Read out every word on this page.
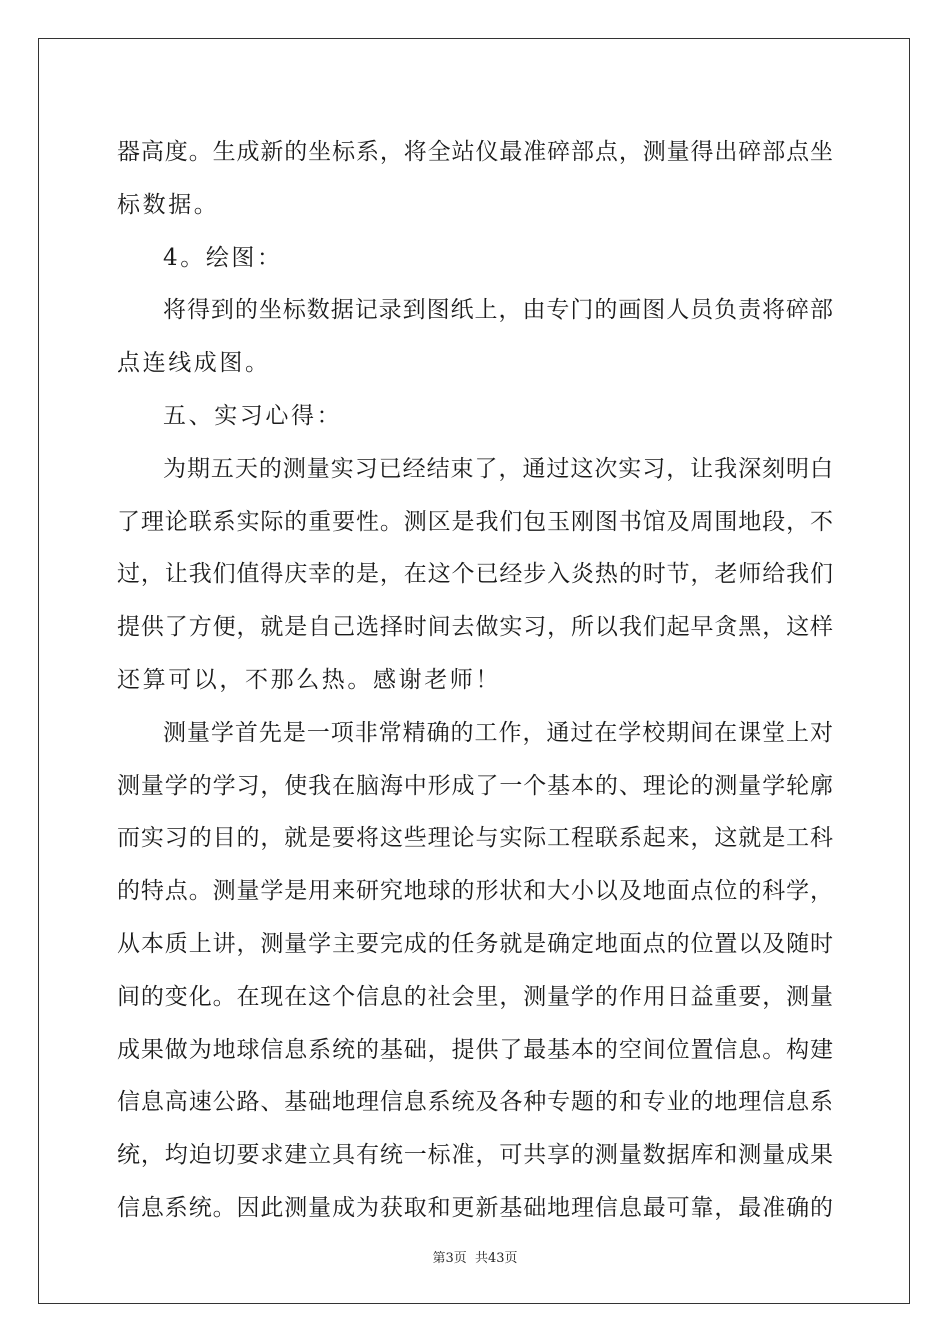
器高度。生成新的坐标系，将全站仪最准碎部点，测量得出碎部点坐
标数据。
4。绘图：
将得到的坐标数据记录到图纸上，由专门的画图人员负责将碎部
点连线成图。
五、实习心得：
为期五天的测量实习已经结束了，通过这次实习，让我深刻明白
了理论联系实际的重要性。测区是我们包玉刚图书馆及周围地段，不
过，让我们值得庆幸的是，在这个已经步入炎热的时节，老师给我们
提供了方便，就是自己选择时间去做实习，所以我们起早贪黑，这样
还算可以，不那么热。感谢老师！
测量学首先是一项非常精确的工作，通过在学校期间在课堂上对
测量学的学习，使我在脑海中形成了一个基本的、理论的测量学轮廓
而实习的目的，就是要将这些理论与实际工程联系起来，这就是工科
的特点。测量学是用来研究地球的形状和大小以及地面点位的科学，
从本质上讲，测量学主要完成的任务就是确定地面点的位置以及随时
间的变化。在现在这个信息的社会里，测量学的作用日益重要，测量
成果做为地球信息系统的基础，提供了最基本的空间位置信息。构建
信息高速公路、基础地理信息系统及各种专题的和专业的地理信息系
统，均迫切要求建立具有统一标准，可共享的测量数据库和测量成果
信息系统。因此测量成为获取和更新基础地理信息最可靠，最准确的
第3页 共43页
